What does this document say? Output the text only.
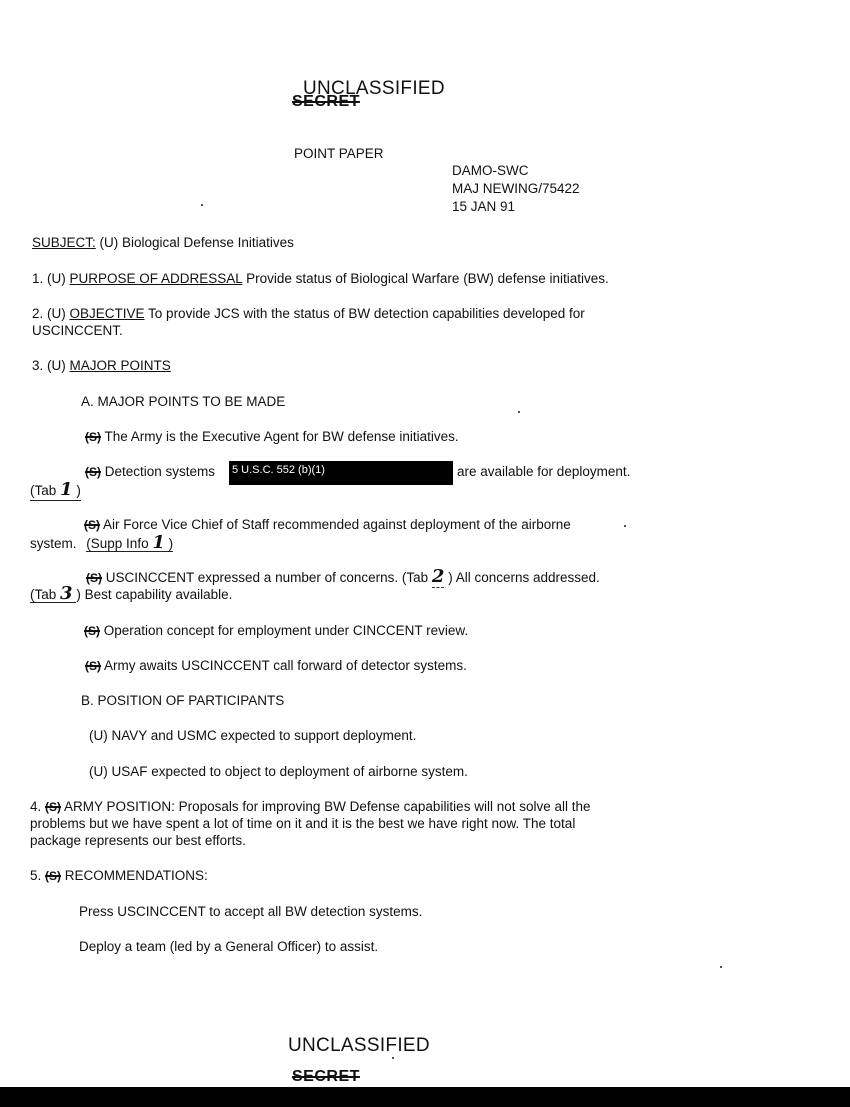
UNCLASSIFIED
SECRET
POINT PAPER
DAMO-SWC
MAJ NEWING/75422
15 JAN 91
SUBJECT: (U) Biological Defense Initiatives
1. (U) PURPOSE OF ADDRESSAL Provide status of Biological Warfare (BW) defense initiatives.
2. (U) OBJECTIVE To provide JCS with the status of BW detection capabilities developed for
USCINCCENT.
3. (U) MAJOR POINTS
A. MAJOR POINTS TO BE MADE
(S) The Army is the Executive Agent for BW defense initiatives.
(S) Detection systems 5 U.S.C. 552 (b)(1)	are available for deployment.
(Tab 1 )
(S) Air Force Vice Chief of Staff recommended against deployment of the airborne
system. (Supp Info 1 )
(S) USCINCCENT expressed a number of concerns. (Tab 2 ) All concerns addressed.
(Tab 3 ) Best capability available.
(S) Operation concept for employment under CINCCENT review.
(S) Army awaits USCINCCENT call forward of detector systems.
B. POSITION OF PARTICIPANTS
(U) NAVY and USMC expected to support deployment.
(U) USAF expected to object to deployment of airborne system.
4. (S) ARMY POSITION: Proposals for improving BW Defense capabilities will not solve all the
problems but we have spent a lot of time on it and it is the best we have right now. The total
package represents our best efforts.
5. (S) RECOMMENDATIONS:
Press USCINCCENT to accept all BW detection systems.
Deploy a team (led by a General Officer) to assist.
UNCLASSIFIED
SECRET
